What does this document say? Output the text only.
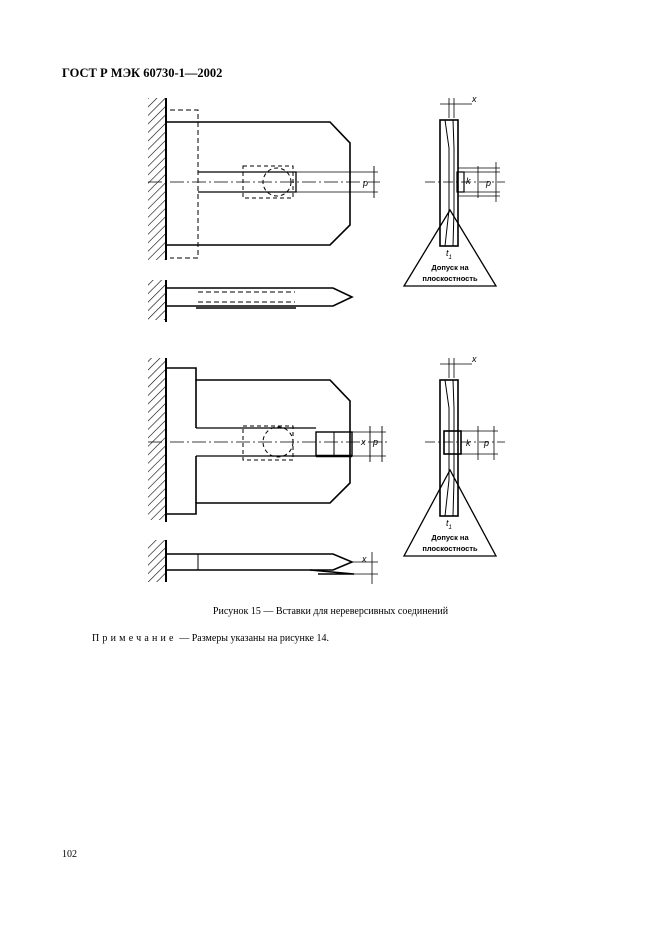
ГОСТ Р МЭК 60730-1—2002
p
x
k p
$t_1$
Допуск на
плоскостность
x p
x
k p
$t_1$
Допуск на
плоскостность
x
Рисунок 15 — Вставки для нереверсивных соединений
Примечание — Размеры указаны на рисунке 14.
102
